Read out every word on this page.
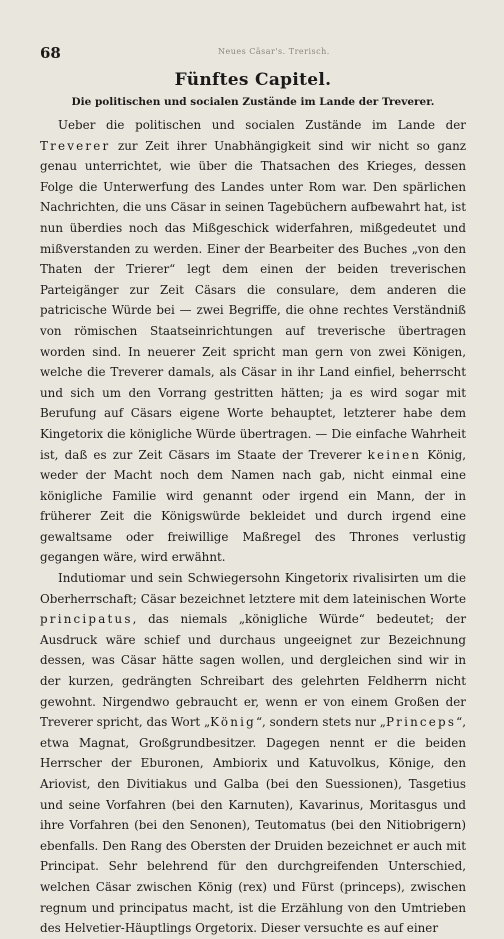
68	Neues Cäsar's. Trerisch.
Fünftes Capitel.
Die politischen und socialen Zustände im Lande der Treverer.

Ueber die politischen und socialen Zustände im Lande der Treverer zur Zeit ihrer Unabhängigkeit sind wir nicht so ganz genau unterrichtet, wie über die Thatsachen des Krieges, dessen Folge die Unterwerfung des Landes unter Rom war. Den spärlichen Nachrichten, die uns Cäsar in seinen Tagebüchern aufbewahrt hat, ist nun überdies noch das Mißgeschick widerfahren, mißgedeutet und mißverstanden zu werden. Einer der Bearbeiter des Buches „von den Thaten der Trierer“ legt dem einen der beiden treverischen Parteigänger zur Zeit Cäsars die consulare, dem anderen die patricische Würde bei — zwei Begriffe, die ohne rechtes Verständniß von römischen Staatseinrichtungen auf treverische übertragen worden sind. In neuerer Zeit spricht man gern von zwei Königen, welche die Treverer damals, als Cäsar in ihr Land einfiel, beherrscht und sich um den Vorrang gestritten hätten; ja es wird sogar mit Berufung auf Cäsars eigene Worte behauptet, letzterer habe dem Kingetorix die königliche Würde übertragen. — Die einfache Wahrheit ist, daß es zur Zeit Cäsars im Staate der Treverer keinen König, weder der Macht noch dem Namen nach gab, nicht einmal eine königliche Familie wird genannt oder irgend ein Mann, der in früherer Zeit die Königswürde bekleidet und durch irgend eine gewaltsame oder freiwillige Maßregel des Thrones verlustig gegangen wäre, wird erwähnt.

Indutiomar und sein Schwiegersohn Kingetorix rivalisirten um die Oberherrschaft; Cäsar bezeichnet letztere mit dem lateinischen Worte principatus, das niemals „königliche Würde“ bedeutet; der Ausdruck wäre schief und durchaus ungeeignet zur Bezeichnung dessen, was Cäsar hätte sagen wollen, und dergleichen sind wir in der kurzen, gedrängten Schreibart des gelehrten Feldherrn nicht gewohnt. Nirgendwo gebraucht er, wenn er von einem Großen der Treverer spricht, das Wort „König“, sondern stets nur „Princeps“, etwa Magnat, Großgrundbesitzer. Dagegen nennt er die beiden Herrscher der Eburonen, Ambiorix und Katuvolkus, Könige, den Ariovist, den Divitiakus und Galba (bei den Suessionen), Tasgetius und seine Vorfahren (bei den Karnuten), Kavarinus, Moritasgus und ihre Vorfahren (bei den Senonen), Teutomatus (bei den Nitiobrigern) ebenfalls. Den Rang des Obersten der Druiden bezeichnet er auch mit Principat. Sehr belehrend für den durchgreifenden Unterschied, welchen Cäsar zwischen König (rex) und Fürst (princeps), zwischen regnum und principatus macht, ist die Erzählung von den Umtrieben des Helvetier-Häuptlings Orgetorix. Dieser versuchte es auf einer
